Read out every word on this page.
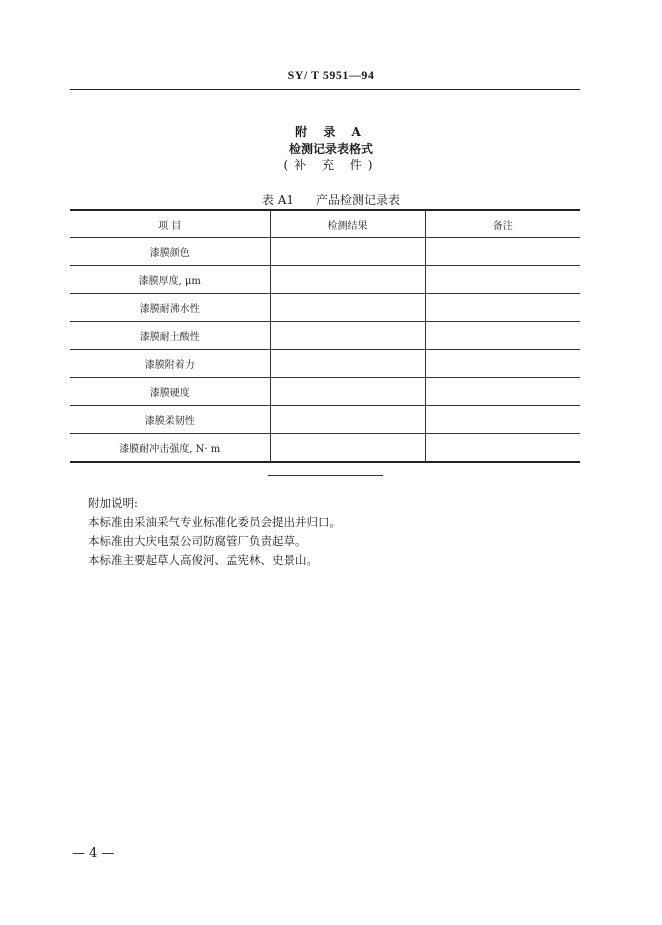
SY/ T 5951—94
附 录 A
检测记录表格式
(补 充 件)
表 A1 产品检测记录表
项 目	检测结果	备注
漆膜颜色		
漆膜厚度, μm		
漆膜耐沸水性		
漆膜耐土酸性		
漆膜附着力		
漆膜硬度		
漆膜柔韧性		
漆膜耐冲击强度, N· m		
附加说明:
本标准由采油采气专业标准化委员会提出并归口。
本标准由大庆电泵公司防腐管厂负责起草。
本标准主要起草人高俊河、孟宪林、史景山。
— 4 —
